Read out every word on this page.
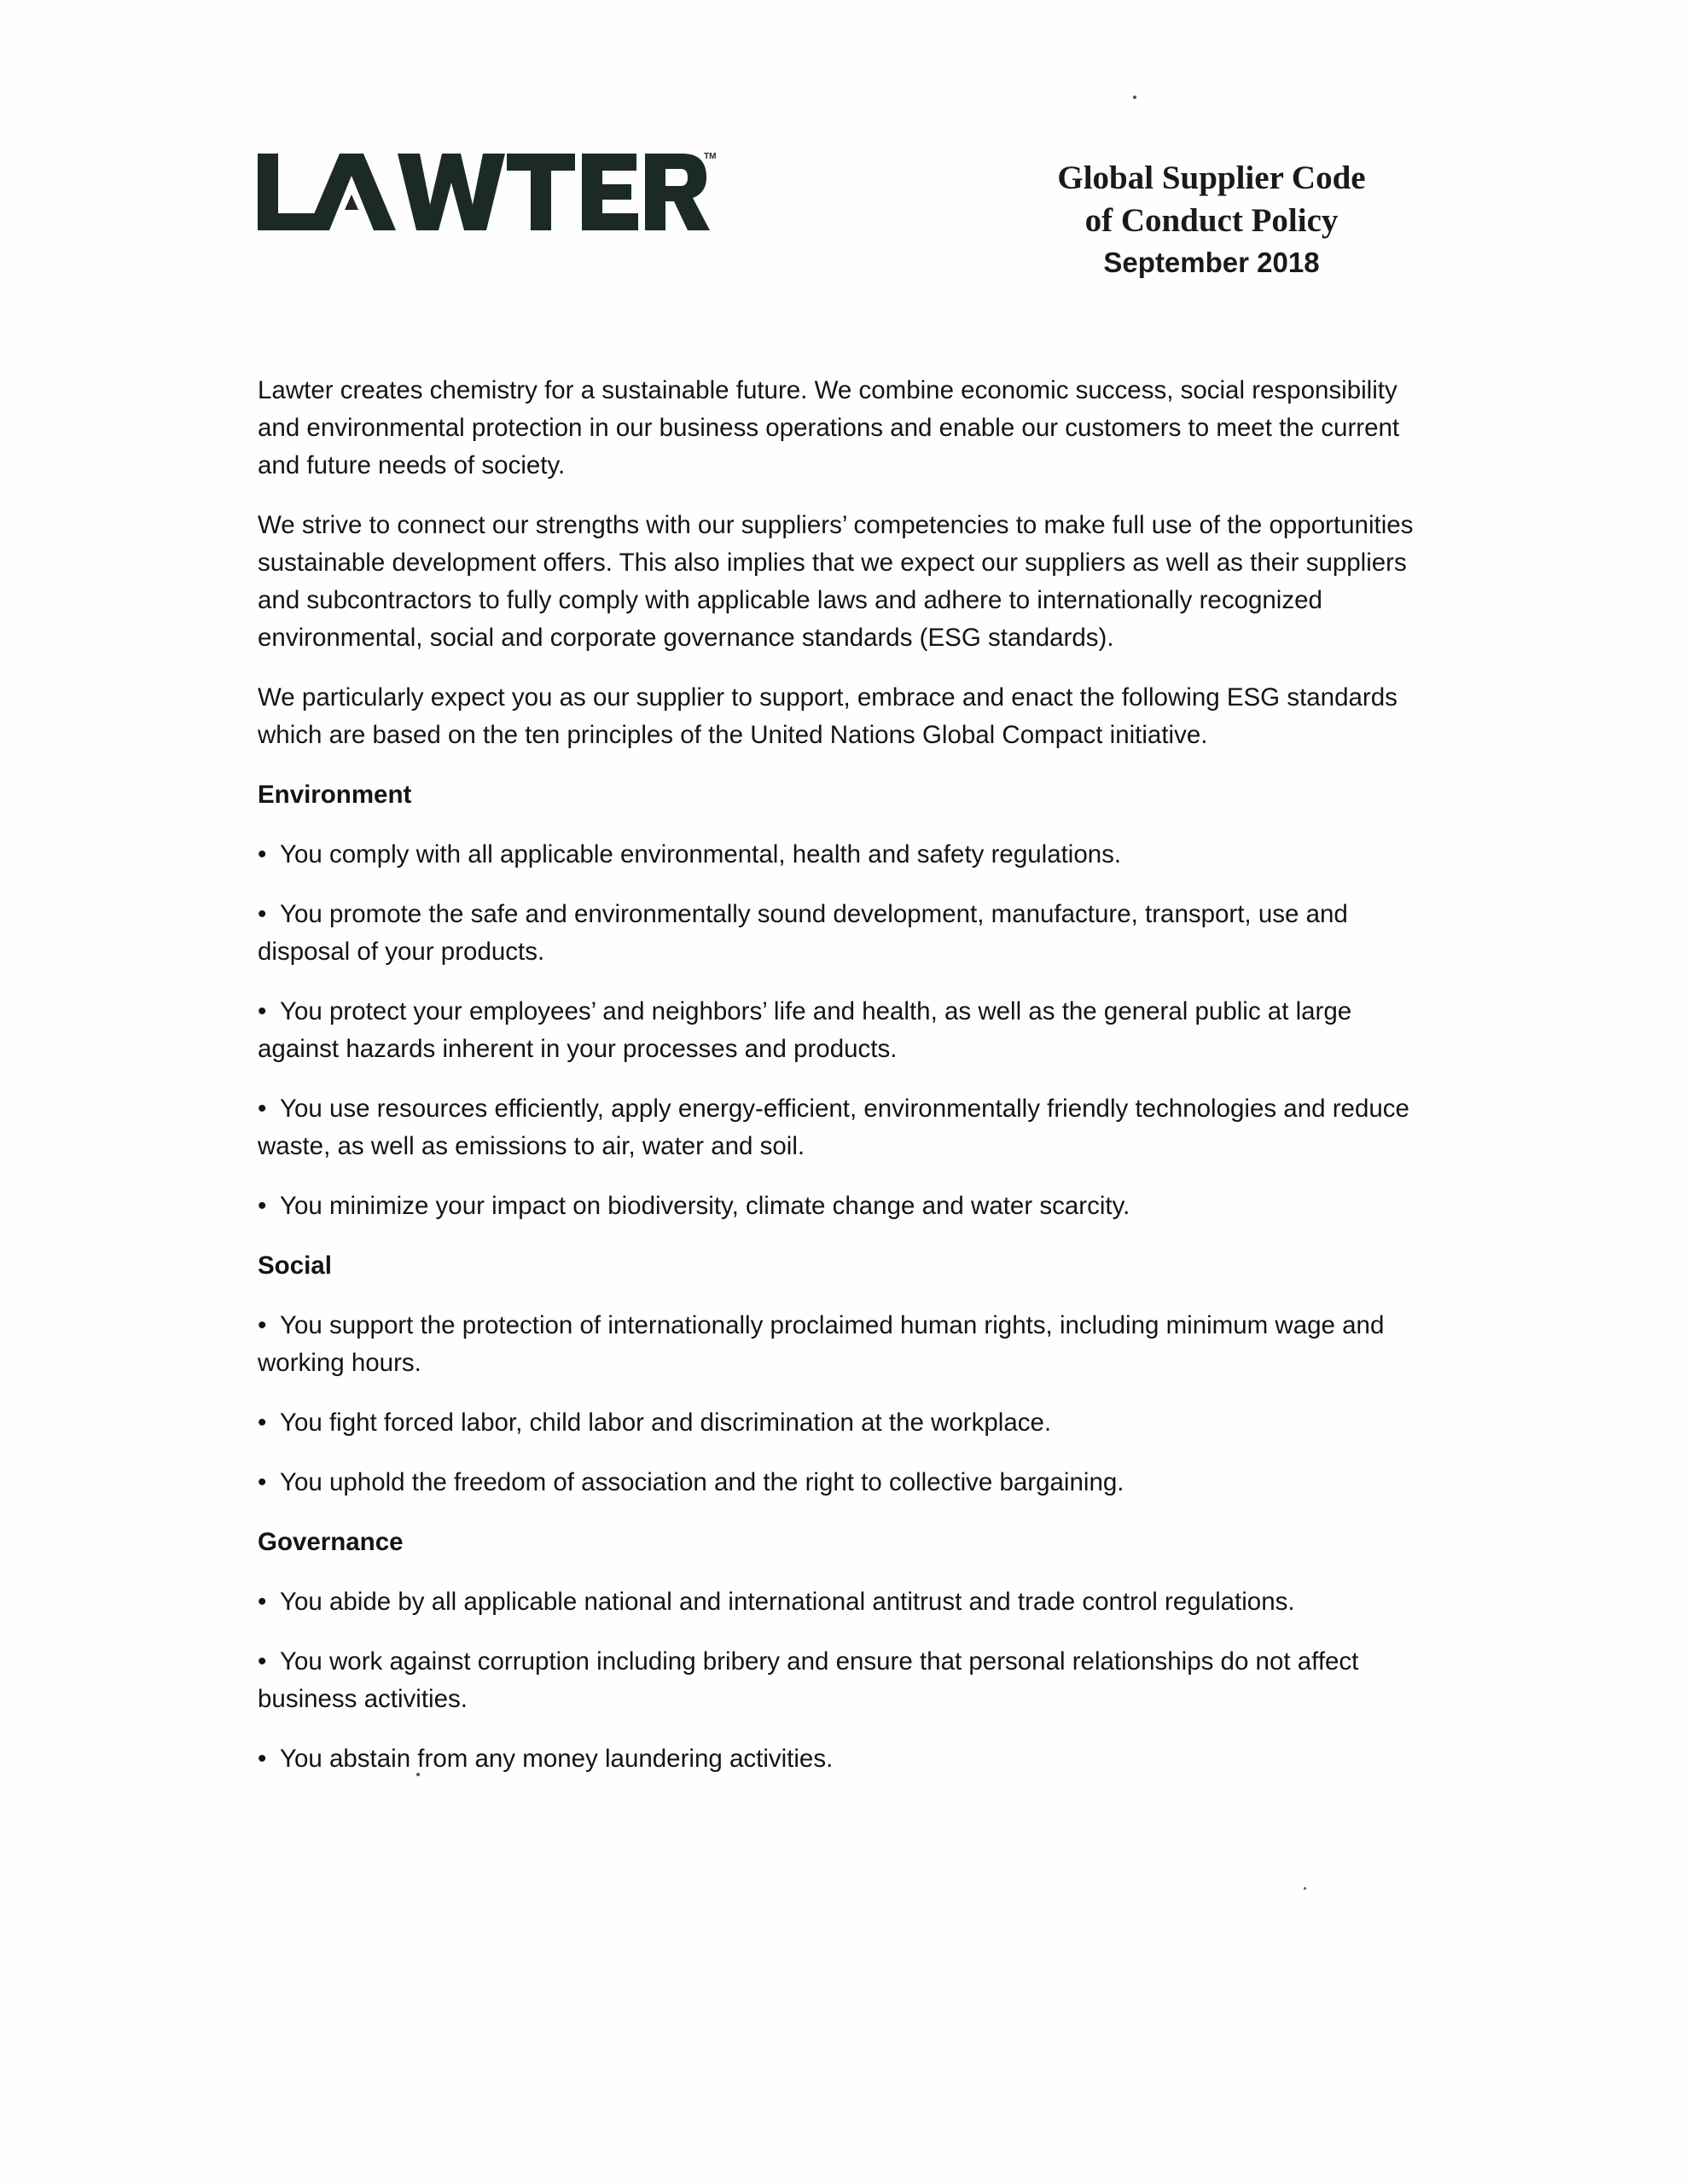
TM
Global Supplier Code
of Conduct Policy
September 2018

Lawter creates chemistry for a sustainable future. We combine economic success, social responsibility and environmental protection in our business operations and enable our customers to meet the current and future needs of society.

We strive to connect our strengths with our suppliers’ competencies to make full use of the opportunities sustainable development offers. This also implies that we expect our suppliers as well as their suppliers and subcontractors to fully comply with applicable laws and adhere to internationally recognized environmental, social and corporate governance standards (ESG standards).

We particularly expect you as our supplier to support, embrace and enact the following ESG standards which are based on the ten principles of the United Nations Global Compact initiative.

Environment
• You comply with all applicable environmental, health and safety regulations.
• You promote the safe and environmentally sound development, manufacture, transport, use and disposal of your products.
• You protect your employees’ and neighbors’ life and health, as well as the general public at large against hazards inherent in your processes and products.
• You use resources efficiently, apply energy-efficient, environmentally friendly technologies and reduce waste, as well as emissions to air, water and soil.
• You minimize your impact on biodiversity, climate change and water scarcity.
Social
• You support the protection of internationally proclaimed human rights, including minimum wage and working hours.
• You fight forced labor, child labor and discrimination at the workplace.
• You uphold the freedom of association and the right to collective bargaining.
Governance
• You abide by all applicable national and international antitrust and trade control regulations.
• You work against corruption including bribery and ensure that personal relationships do not affect business activities.
• You abstain from any money laundering activities.
